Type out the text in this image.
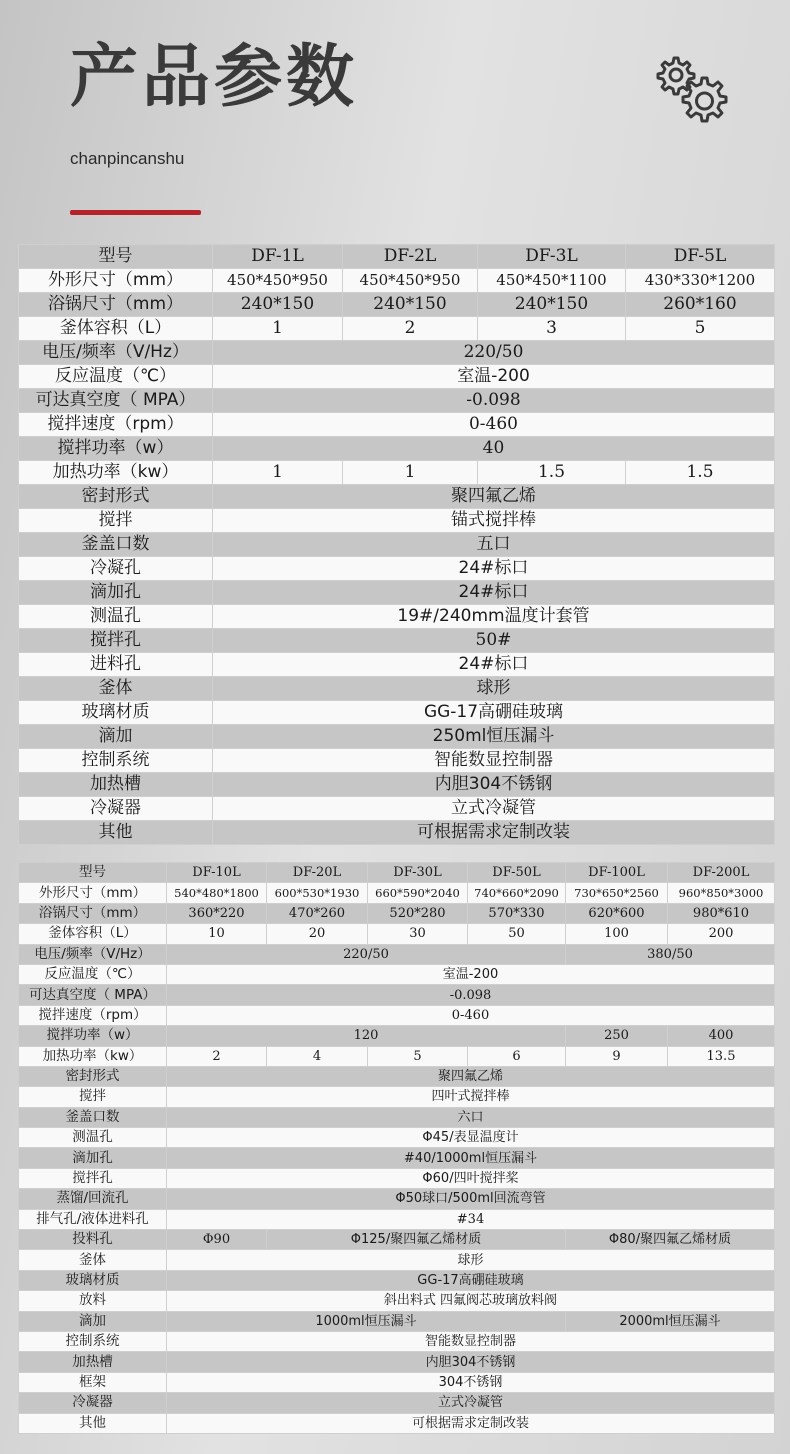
产品参数
chanpincanshu
型号	DF-1L	DF-2L	DF-3L	DF-5L
外形尺寸（mm）	450*450*950	450*450*950	450*450*1100	430*330*1200
浴锅尺寸（mm）	240*150	240*150	240*150	260*160
釜体容积（L）	1	2	3	5
电压/频率（V/Hz）	220/50			
反应温度（℃）	室温-200			
可达真空度（ MPA）	-0.098			
搅拌速度（rpm）	0-460			
搅拌功率（w）	40			
加热功率（kw）	1	1	1.5	1.5
密封形式	聚四氟乙烯			
搅拌	锚式搅拌棒			
釜盖口数	五口			
冷凝孔	24#标口			
滴加孔	24#标口			
测温孔	19#/240mm温度计套管			
搅拌孔	50#			
进料孔	24#标口			
釜体	球形			
玻璃材质	GG-17高硼硅玻璃			
滴加	250ml恒压漏斗			
控制系统	智能数显控制器			
加热槽	内胆304不锈钢			
冷凝器	立式冷凝管			
其他	可根据需求定制改装			
型号	DF-10L	DF-20L	DF-30L	DF-50L	DF-100L	DF-200L
外形尺寸（mm）	540*480*1800	600*530*1930	660*590*2040	740*660*2090	730*650*2560	960*850*3000
浴锅尺寸（mm）	360*220	470*260	520*280	570*330	620*600	980*610
釜体容积（L）	10	20	30	50	100	200
电压/频率（V/Hz）	220/50				380/50	
反应温度（℃）	室温-200					
可达真空度（ MPA）	-0.098					
搅拌速度（rpm）	0-460					
搅拌功率（w）	120				250	400
加热功率（kw）	2	4	5	6	9	13.5
密封形式	聚四氟乙烯					
搅拌	四叶式搅拌棒					
釜盖口数	六口					
测温孔	Φ45/表显温度计					
滴加孔	#40/1000ml恒压漏斗					
搅拌孔	Φ60/四叶搅拌桨					
蒸馏/回流孔	Φ50球口/500ml回流弯管					
排气孔/液体进料孔	#34					
投料孔	Φ90	Φ125/聚四氟乙烯材质			Φ80/聚四氟乙烯材质	
釜体	球形					
玻璃材质	GG-17高硼硅玻璃					
放料	斜出料式 四氟阀芯玻璃放料阀					
滴加	1000ml恒压漏斗				2000ml恒压漏斗	
控制系统	智能数显控制器					
加热槽	内胆304不锈钢					
框架	304不锈钢					
冷凝器	立式冷凝管					
其他	可根据需求定制改装					
